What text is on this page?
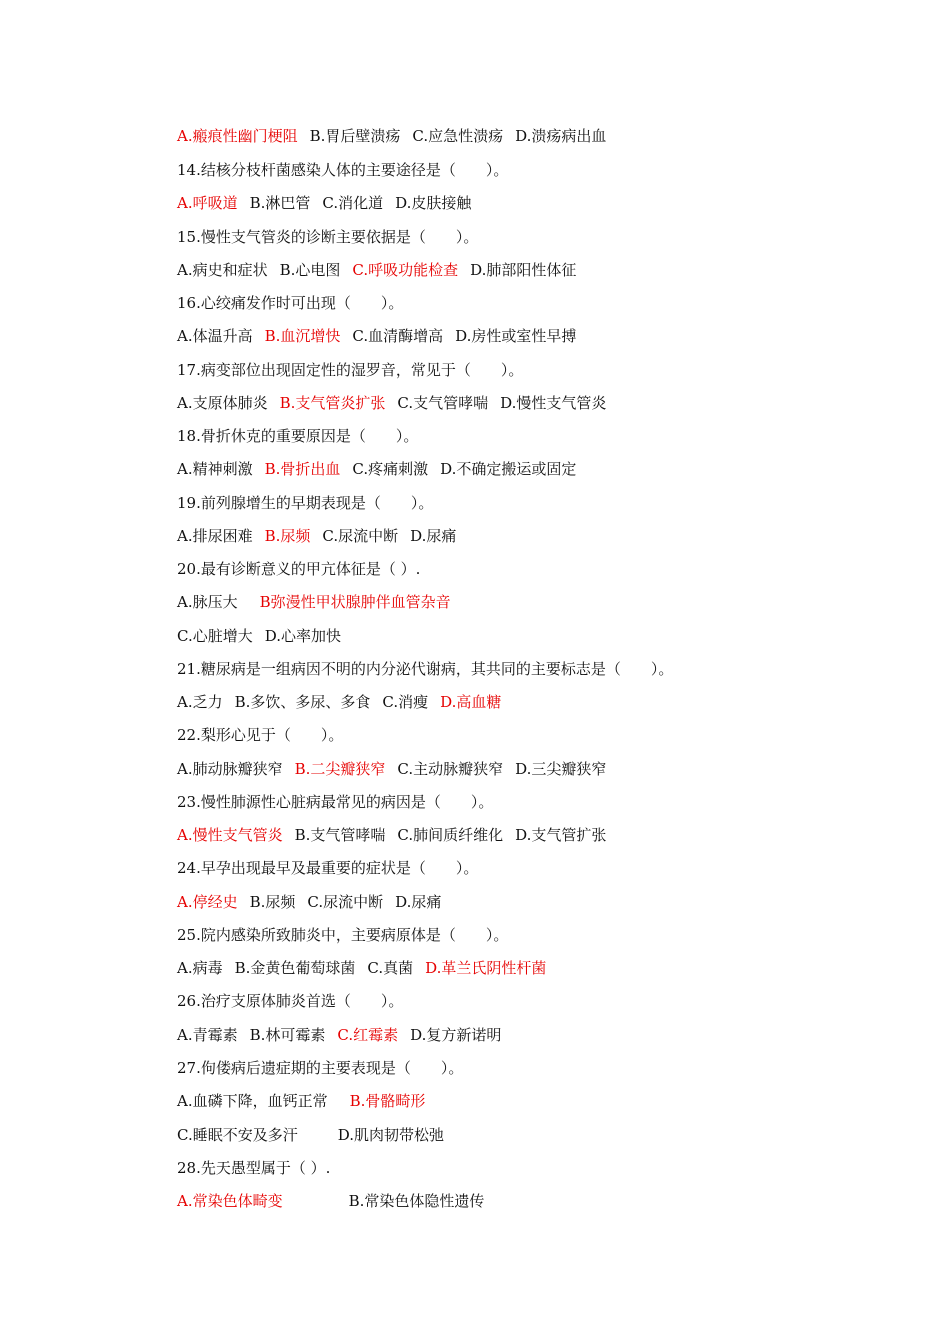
A.瘢痕性幽门梗阻 B.胃后壁溃疡 C.应急性溃疡 D.溃疡病出血
14.结核分枝杆菌感染人体的主要途径是（　　）。
A.呼吸道 B.淋巴管 C.消化道 D.皮肤接触
15.慢性支气管炎的诊断主要依据是（　　）。
A.病史和症状 B.心电图 C.呼吸功能检查 D.肺部阳性体征
16.心绞痛发作时可出现（　　）。
A.体温升高 B.血沉增快 C.血清酶增高 D.房性或室性早搏
17.病变部位出现固定性的湿罗音，常见于（　　）。
A.支原体肺炎 B.支气管炎扩张 C.支气管哮喘 D.慢性支气管炎
18.骨折休克的重要原因是（　　）。
A.精神刺激 B.骨折出血 C.疼痛刺激 D.不确定搬运或固定
19.前列腺增生的早期表现是（　　）。
A.排尿困难 B.尿频 C.尿流中断 D.尿痛
20.最有诊断意义的甲亢体征是（ ）.
A.脉压大 B弥漫性甲状腺肿伴血管杂音
C.心脏增大 D.心率加快
21.糖尿病是一组病因不明的内分泌代谢病，其共同的主要标志是（　　）。
A.乏力 B.多饮、多尿、多食 C.消瘦 D.高血糖
22.梨形心见于（　　）。
A.肺动脉瓣狭窄 B.二尖瓣狭窄 C.主动脉瓣狭窄 D.三尖瓣狭窄
23.慢性肺源性心脏病最常见的病因是（　　）。
A.慢性支气管炎 B.支气管哮喘 C.肺间质纤维化 D.支气管扩张
24.早孕出现最早及最重要的症状是（　　）。
A.停经史 B.尿频 C.尿流中断 D.尿痛
25.院内感染所致肺炎中，主要病原体是（　　）。
A.病毒 B.金黄色葡萄球菌 C.真菌 D.革兰氏阴性杆菌
26.治疗支原体肺炎首选（　　）。
A.青霉素 B.林可霉素 C.红霉素 D.复方新诺明
27.佝偻病后遗症期的主要表现是（　　）。
A.血磷下降，血钙正常 B.骨骼畸形
C.睡眠不安及多汗	D.肌肉韧带松弛
28.先天愚型属于（ ）.
A.常染色体畸变	B.常染色体隐性遗传
